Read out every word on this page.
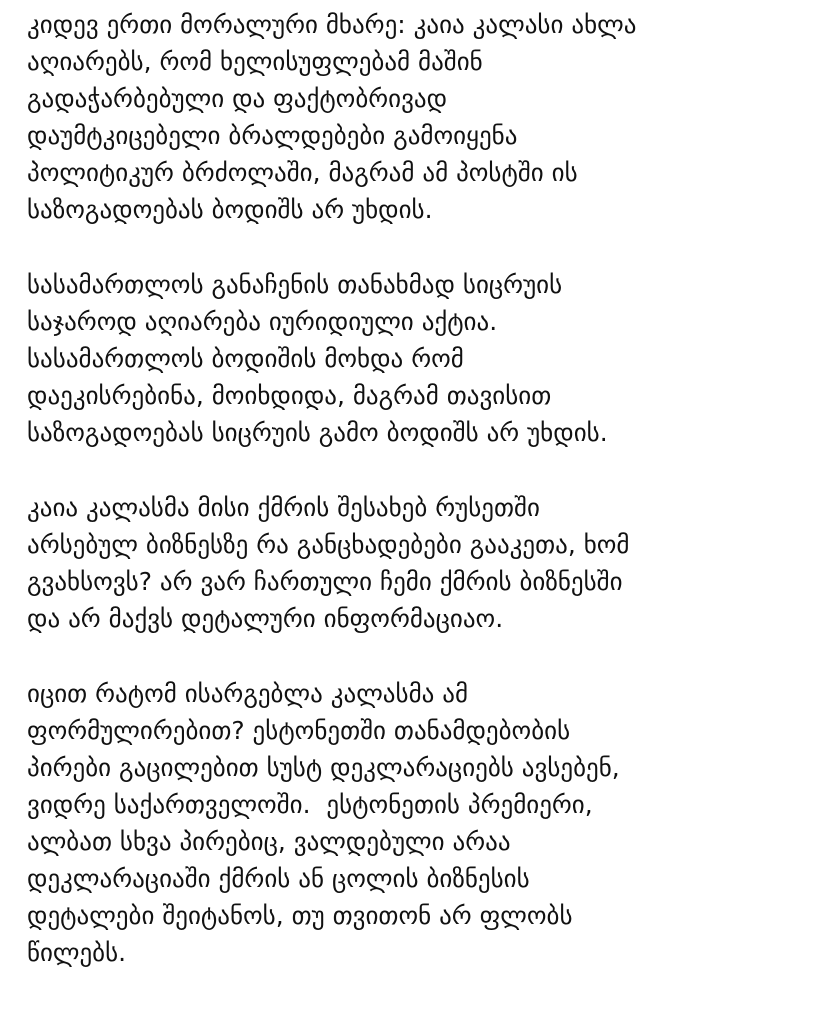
კიდევ ერთი მორალური მხარე: კაია კალასი ახლა
აღიარებს, რომ ხელისუფლებამ მაშინ
გადაჭარბებული და ფაქტობრივად
დაუმტკიცებელი ბრალდებები გამოიყენა
პოლიტიკურ ბრძოლაში, მაგრამ ამ პოსტში ის
საზოგადოებას ბოდიშს არ უხდის.
სასამართლოს განაჩენის თანახმად სიცრუის
საჯაროდ აღიარება იურიდიული აქტია.
სასამართლოს ბოდიშის მოხდა რომ
დაეკისრებინა, მოიხდიდა, მაგრამ თავისით
საზოგადოებას სიცრუის გამო ბოდიშს არ უხდის.
კაია კალასმა მისი ქმრის შესახებ რუსეთში
არსებულ ბიზნესზე რა განცხადებები გააკეთა, ხომ
გვახსოვს? არ ვარ ჩართული ჩემი ქმრის ბიზნესში
და არ მაქვს დეტალური ინფორმაციაო.
იცით რატომ ისარგებლა კალასმა ამ
ფორმულირებით? ესტონეთში თანამდებობის
პირები გაცილებით სუსტ დეკლარაციებს ავსებენ,
ვიდრე საქართველოში.  ესტონეთის პრემიერი,
ალბათ სხვა პირებიც, ვალდებული არაა
დეკლარაციაში ქმრის ან ცოლის ბიზნესის
დეტალები შეიტანოს, თუ თვითონ არ ფლობს
წილებს.
